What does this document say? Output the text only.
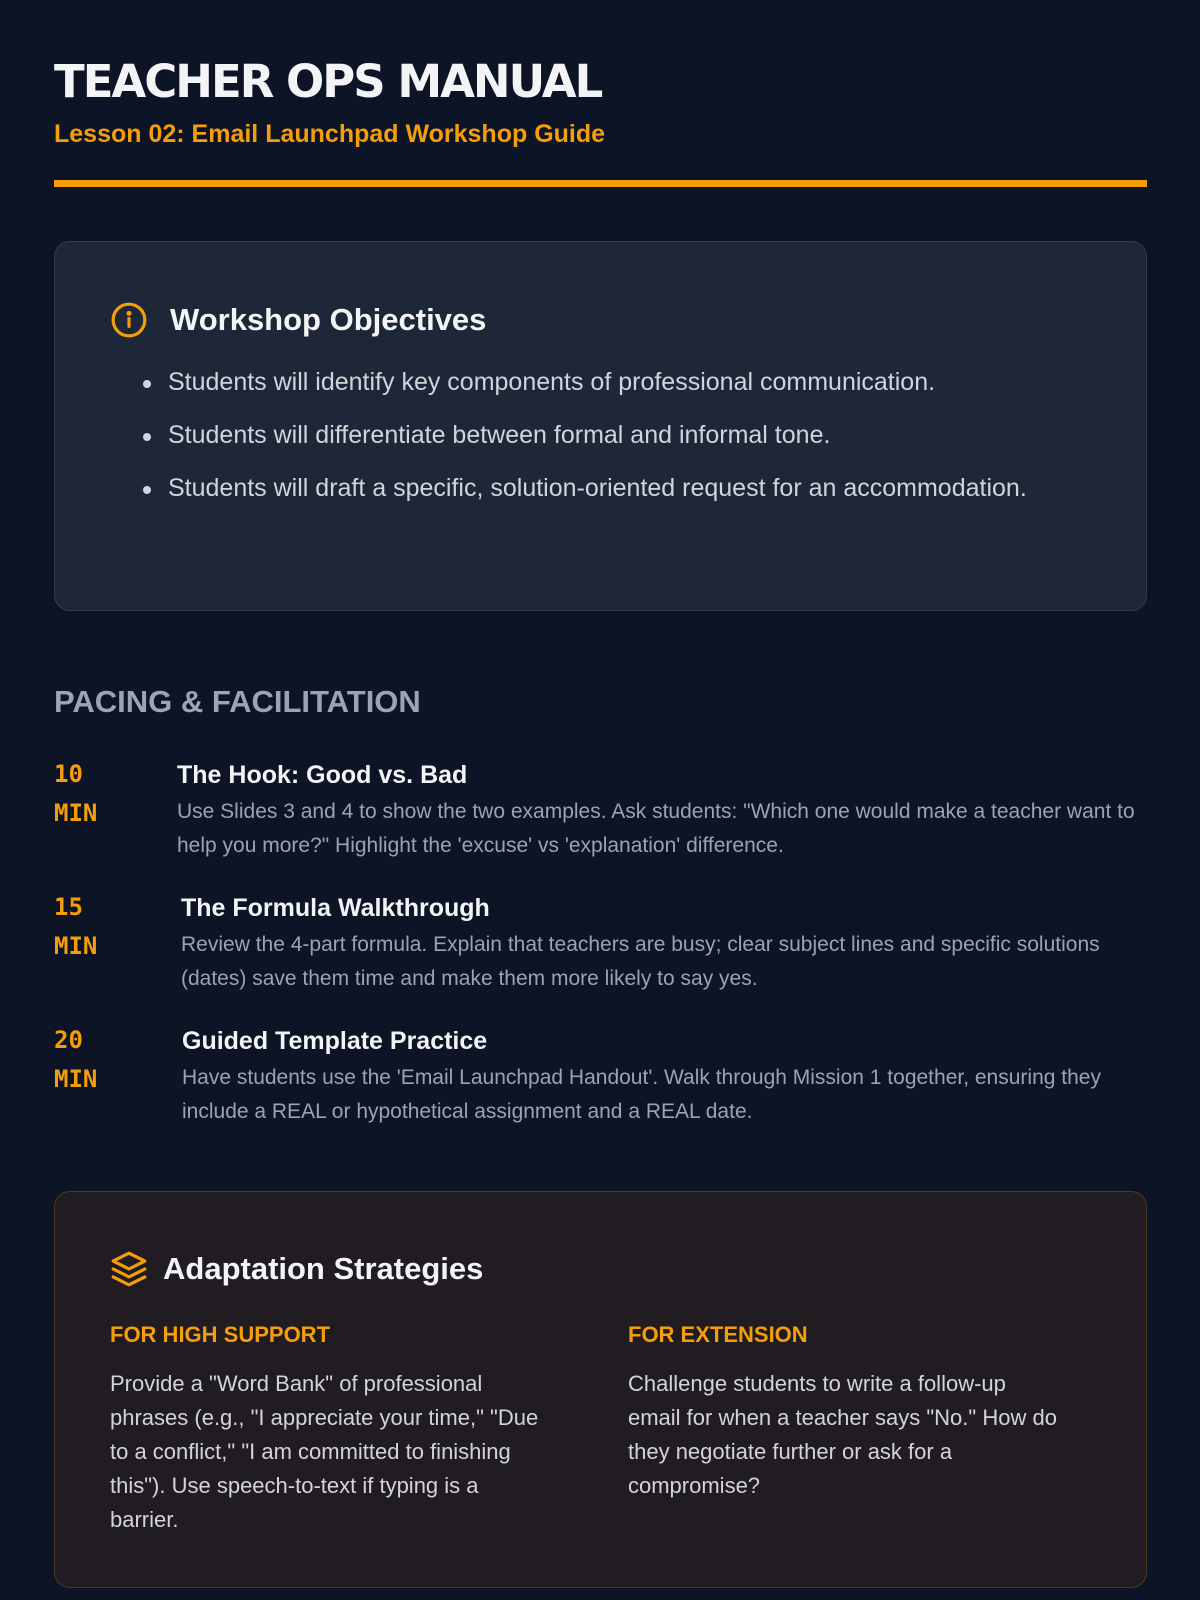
TEACHER OPS MANUAL
Lesson 02: Email Launchpad Workshop Guide
Workshop Objectives
Students will identify key components of professional communication.
Students will differentiate between formal and informal tone.
Students will draft a specific, solution-oriented request for an accommodation.
PACING & FACILITATION
10
MIN
The Hook: Good vs. Bad

Use Slides 3 and 4 to show the two examples. Ask students: "Which one would make a teacher want to help you more?" Highlight the 'excuse' vs 'explanation' difference.

15
MIN
The Formula Walkthrough

Review the 4-part formula. Explain that teachers are busy; clear subject lines and specific solutions (dates) save them time and make them more likely to say yes.

20
MIN
Guided Template Practice

Have students use the 'Email Launchpad Handout'. Walk through Mission 1 together, ensuring they include a REAL or hypothetical assignment and a REAL date.

Adaptation Strategies
FOR HIGH SUPPORT

Provide a "Word Bank" of professional phrases (e.g., "I appreciate your time," "Due to a conflict," "I am committed to finishing this"). Use speech-to-text if typing is a barrier.

FOR EXTENSION

Challenge students to write a follow-up email for when a teacher says "No." How do they negotiate further or ask for a compromise?
